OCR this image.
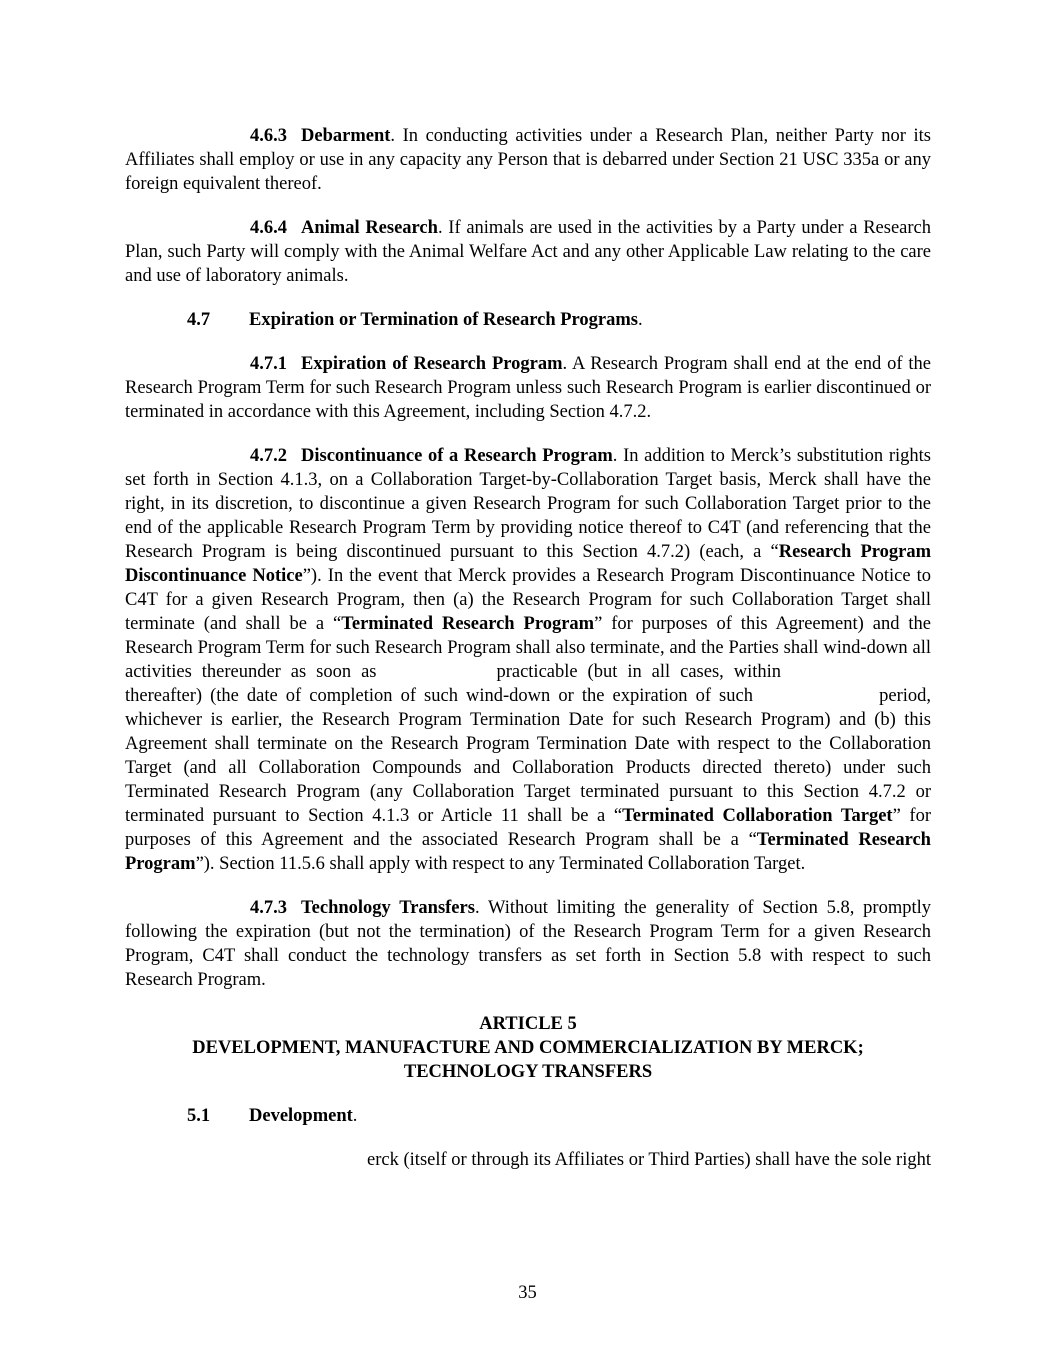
4.6.3 Debarment. In conducting activities under a Research Plan, neither Party nor its Affiliates shall employ or use in any capacity any Person that is debarred under Section 21 USC 335a or any foreign equivalent thereof.

4.6.4 Animal Research. If animals are used in the activities by a Party under a Research Plan, such Party will comply with the Animal Welfare Act and any other Applicable Law relating to the care and use of laboratory animals.

4.7 Expiration or Termination of Research Programs.

4.7.1 Expiration of Research Program. A Research Program shall end at the end of the Research Program Term for such Research Program unless such Research Program is earlier discontinued or terminated in accordance with this Agreement, including Section 4.7.2.

4.7.2 Discontinuance of a Research Program. In addition to Merck’s substitution rights set forth in Section 4.1.3, on a Collaboration Target-by-Collaboration Target basis, Merck shall have the right, in its discretion, to discontinue a given Research Program for such Collaboration Target prior to the end of the applicable Research Program Term by providing notice thereof to C4T (and referencing that the Research Program is being discontinued pursuant to this Section 4.7.2) (each, a “Research Program Discontinuance Notice”). In the event that Merck provides a Research Program Discontinuance Notice to C4T for a given Research Program, then (a) the Research Program for such Collaboration Target shall terminate (and shall be a “Terminated Research Program” for purposes of this Agreement) and the Research Program Term for such Research Program shall also terminate, and the Parties shall wind-down all activities thereunder as soon as	practicable (but in all cases, within  thereafter) (the date of completion of such wind-down or the expiration of such	period, whichever is earlier, the Research Program Termination Date for such Research Program) and (b) this Agreement shall terminate on the Research Program Termination Date with respect to the Collaboration Target (and all Collaboration Compounds and Collaboration Products directed thereto) under such Terminated Research Program (any Collaboration Target terminated pursuant to this Section 4.7.2 or terminated pursuant to Section 4.1.3 or Article 11 shall be a “Terminated Collaboration Target” for purposes of this Agreement and the associated Research Program shall be a “Terminated Research Program”). Section 11.5.6 shall apply with respect to any Terminated Collaboration Target.

4.7.3 Technology Transfers. Without limiting the generality of Section 5.8, promptly following the expiration (but not the termination) of the Research Program Term for a given Research Program, C4T shall conduct the technology transfers as set forth in Section 5.8 with respect to such Research Program.

ARTICLE 5
DEVELOPMENT, MANUFACTURE AND COMMERCIALIZATION BY MERCK;
TECHNOLOGY TRANSFERS

5.1 Development.

erck (itself or through its Affiliates or Third Parties) shall have the sole right

35
